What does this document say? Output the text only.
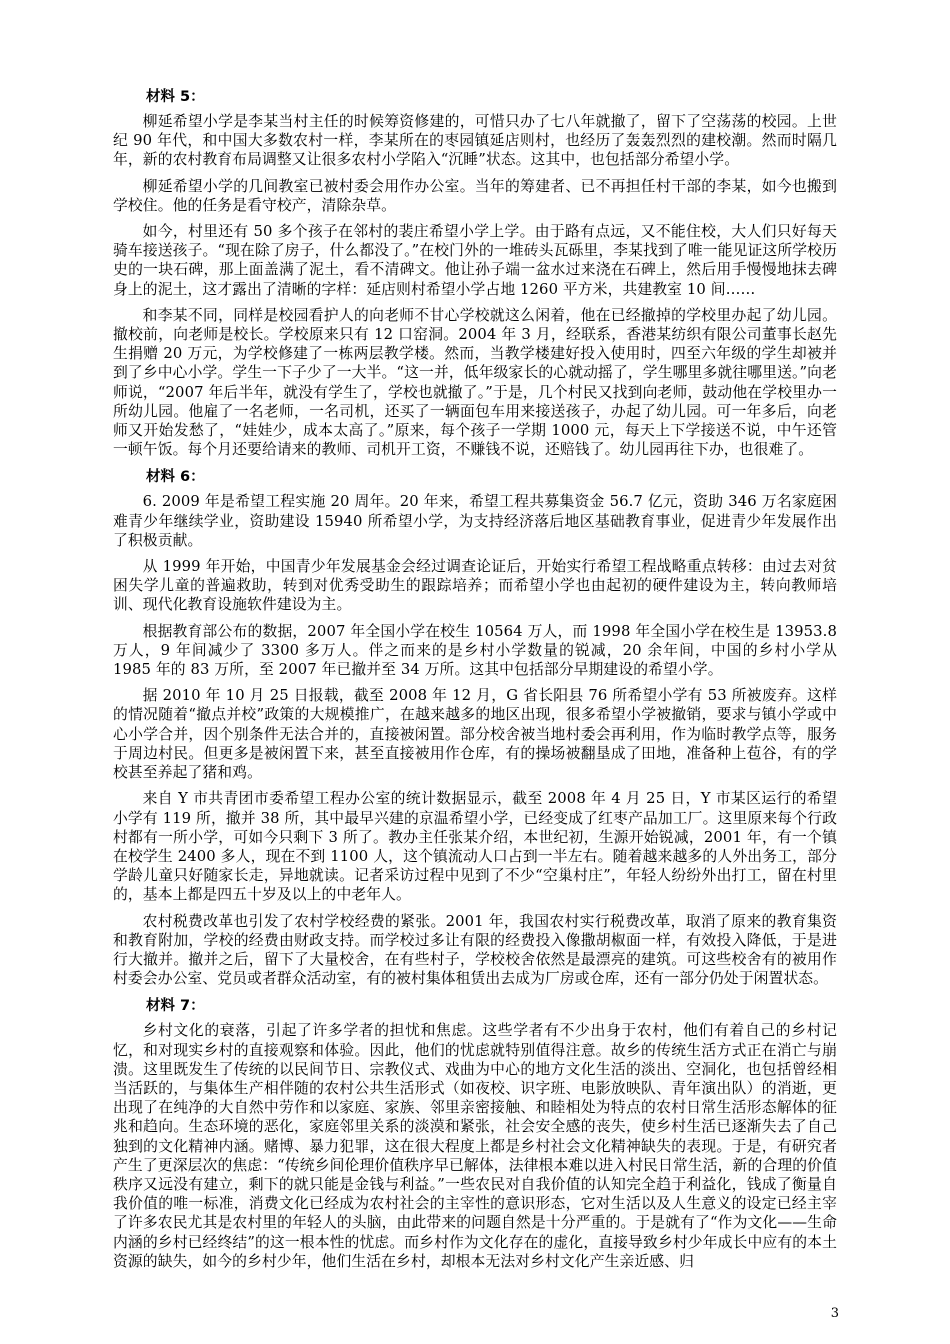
材料 5：

柳延希望小学是李某当村主任的时候筹资修建的，可惜只办了七八年就撤了，留下了空荡荡的校园。上世纪 90 年代，和中国大多数农村一样，李某所在的枣园镇延店则村，也经历了轰轰烈烈的建校潮。然而时隔几年，新的农村教育布局调整又让很多农村小学陷入“沉睡”状态。这其中，也包括部分希望小学。

柳延希望小学的几间教室已被村委会用作办公室。当年的筹建者、已不再担任村干部的李某，如今也搬到学校住。他的任务是看守校产，清除杂草。

如今，村里还有 50 多个孩子在邻村的裴庄希望小学上学。由于路有点远，又不能住校，大人们只好每天骑车接送孩子。“现在除了房子，什么都没了。”在校门外的一堆砖头瓦砾里，李某找到了唯一能见证这所学校历史的一块石碑，那上面盖满了泥土，看不清碑文。他让孙子端一盆水过来浇在石碑上，然后用手慢慢地抹去碑身上的泥土，这才露出了清晰的字样：延店则村希望小学占地 1260 平方米，共建教室 10 间……

和李某不同，同样是校园看护人的向老师不甘心学校就这么闲着，他在已经撤掉的学校里办起了幼儿园。撤校前，向老师是校长。学校原来只有 12 口窑洞。2004 年 3 月，经联系，香港某纺织有限公司董事长赵先生捐赠 20 万元，为学校修建了一栋两层教学楼。然而，当教学楼建好投入使用时，四至六年级的学生却被并到了乡中心小学。学生一下子少了一大半。“这一并，低年级家长的心就动摇了，学生哪里多就往哪里送。”向老师说，“2007 年后半年，就没有学生了，学校也就撤了。”于是，几个村民又找到向老师，鼓动他在学校里办一所幼儿园。他雇了一名老师，一名司机，还买了一辆面包车用来接送孩子，办起了幼儿园。可一年多后，向老师又开始发愁了，“娃娃少，成本太高了。”原来，每个孩子一学期 1000 元，每天上下学接送不说，中午还管一顿午饭。每个月还要给请来的教师、司机开工资，不赚钱不说，还赔钱了。幼儿园再往下办，也很难了。

材料 6：

6. 2009 年是希望工程实施 20 周年。20 年来，希望工程共募集资金 56.7 亿元，资助 346 万名家庭困难青少年继续学业，资助建设 15940 所希望小学，为支持经济落后地区基础教育事业，促进青少年发展作出了积极贡献。

从 1999 年开始，中国青少年发展基金会经过调查论证后，开始实行希望工程战略重点转移：由过去对贫困失学儿童的普遍救助，转到对优秀受助生的跟踪培养；而希望小学也由起初的硬件建设为主，转向教师培训、现代化教育设施软件建设为主。

根据教育部公布的数据，2007 年全国小学在校生 10564 万人，而 1998 年全国小学在校生是 13953.8 万人，9 年间减少了 3300 多万人。伴之而来的是乡村小学数量的锐减，20 余年间，中国的乡村小学从 1985 年的 83 万所，至 2007 年已撤并至 34 万所。这其中包括部分早期建设的希望小学。

据 2010 年 10 月 25 日报载，截至 2008 年 12 月，G 省长阳县 76 所希望小学有 53 所被废弃。这样的情况随着“撤点并校”政策的大规模推广，在越来越多的地区出现，很多希望小学被撤销，要求与镇小学或中心小学合并，因个别条件无法合并的，直接被闲置。部分校舍被当地村委会再利用，作为临时教学点等，服务于周边村民。但更多是被闲置下来，甚至直接被用作仓库，有的操场被翻垦成了田地，准备种上苞谷，有的学校甚至养起了猪和鸡。

来自 Y 市共青团市委希望工程办公室的统计数据显示，截至 2008 年 4 月 25 日，Y 市某区运行的希望小学有 119 所，撤并 38 所，其中最早兴建的京温希望小学，已经变成了红枣产品加工厂。这里原来每个行政村都有一所小学，可如今只剩下 3 所了。教办主任张某介绍，本世纪初，生源开始锐减，2001 年，有一个镇在校学生 2400 多人，现在不到 1100 人，这个镇流动人口占到一半左右。随着越来越多的人外出务工，部分学龄儿童只好随家长走，异地就读。记者采访过程中见到了不少“空巢村庄”，年轻人纷纷外出打工，留在村里的，基本上都是四五十岁及以上的中老年人。

农村税费改革也引发了农村学校经费的紧张。2001 年，我国农村实行税费改革，取消了原来的教育集资和教育附加，学校的经费由财政支持。而学校过多让有限的经费投入像撒胡椒面一样，有效投入降低，于是进行大撤并。撤并之后，留下了大量校舍，在有些村子，学校校舍依然是最漂亮的建筑。可这些校舍有的被用作村委会办公室、党员或者群众活动室，有的被村集体租赁出去成为厂房或仓库，还有一部分仍处于闲置状态。

材料 7：

乡村文化的衰落，引起了许多学者的担忧和焦虑。这些学者有不少出身于农村，他们有着自己的乡村记忆，和对现实乡村的直接观察和体验。因此，他们的忧虑就特别值得注意。故乡的传统生活方式正在消亡与崩溃。这里既发生了传统的以民间节日、宗教仪式、戏曲为中心的地方文化生活的淡出、空洞化，也包括曾经相当活跃的，与集体生产相伴随的农村公共生活形式（如夜校、识字班、电影放映队、青年演出队）的消逝，更出现了在纯净的大自然中劳作和以家庭、家族、邻里亲密接触、和睦相处为特点的农村日常生活形态解体的征兆和趋向。生态环境的恶化，家庭邻里关系的淡漠和紧张，社会安全感的丧失，使乡村生活已逐渐失去了自己独到的文化精神内涵。赌博、暴力犯罪，这在很大程度上都是乡村社会文化精神缺失的表现。于是，有研究者产生了更深层次的焦虑：“传统乡间伦理价值秩序早已解体，法律根本难以进入村民日常生活，新的合理的价值秩序又远没有建立，剩下的就只能是金钱与利益。”一些农民对自我价值的认知完全趋于利益化，钱成了衡量自我价值的唯一标准，消费文化已经成为农村社会的主宰性的意识形态，它对生活以及人生意义的设定已经主宰了许多农民尤其是农村里的年轻人的头脑，由此带来的问题自然是十分严重的。于是就有了“作为文化——生命内涵的乡村已经终结”的这一根本性的忧虑。而乡村作为文化存在的虚化，直接导致乡村少年成长中应有的本土资源的缺失，如今的乡村少年，他们生活在乡村，却根本无法对乡村文化产生亲近感、归

3
